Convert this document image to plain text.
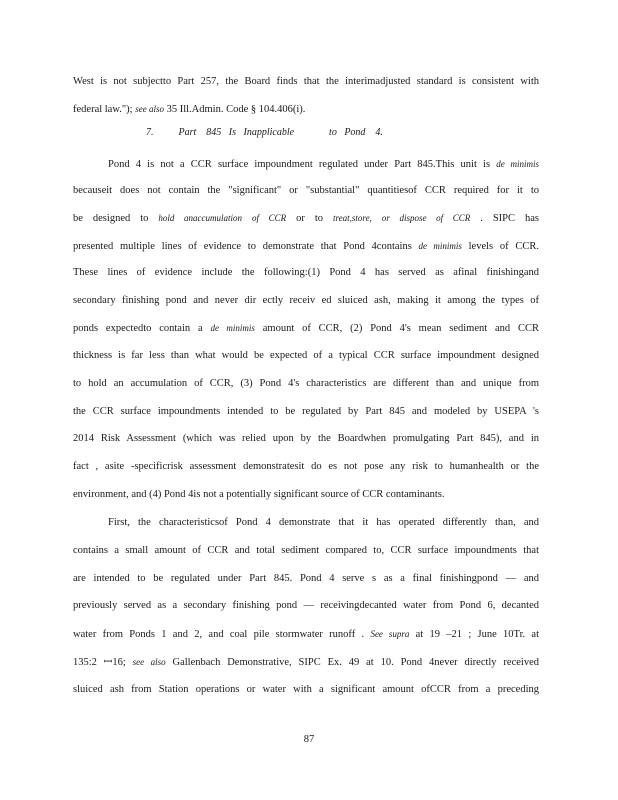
West is not subjectto Part 257, the Board finds that the interimadjusted standard is consistent with
federal law."); see also 35 Ill.Admin. Code § 104.406(i).
7.          Part    845   Is   Inapplicable              to   Pond    4.
Pond 4 is not a CCR surface impoundment regulated under Part 845.This unit is de minimis
becauseit does not contain the "significant" or "substantial" quantitiesof CCR required for it to
be designed to hold anaccumulation of CCR or to treat,store, or dispose of CCR . SIPC has
presented multiple lines of evidence to demonstrate that Pond 4contains de minimis levels of CCR.
These lines of evidence include the following:(1) Pond 4 has served as afinal finishingand
secondary finishing pond and never dir ectly receiv ed sluiced ash, making it among the types of
ponds expectedto contain a de minimis amount of CCR, (2) Pond 4's mean sediment and CCR
thickness is far less than what would be expected of a typical CCR surface impoundment designed
to hold an accumulation of CCR, (3) Pond 4's characteristics are different than and unique from
the CCR surface impoundments intended to be regulated by Part 845 and modeled by USEPA 's
2014 Risk Assessment (which was relied upon by the Boardwhen promulgating Part 845), and in
fact , asite -specificrisk assessment demonstratesit do es not pose any risk to humanhealth or the
environment, and (4) Pond 4is not a potentially significant source of CCR contaminants.
First, the characteristicsof Pond 4 demonstrate that it has operated differently than, and
contains a small amount of CCR and total sediment compared to, CCR surface impoundments that
are intended to be regulated under Part 845. Pond 4 serve s as a final finishingpond — and
previously served as a secondary finishing pond — receivingdecanted water from Pond 6, decanted
water from Ponds 1 and 2, and coal pile stormwater runoff . See supra at 19 –21 ; June 10Tr. at
135:2 ꟷ16; see also Gallenbach Demonstrative, SIPC Ex. 49 at 10. Pond 4never directly received
sluiced ash from Station operations or water with a significant amount ofCCR from a preceding
87
